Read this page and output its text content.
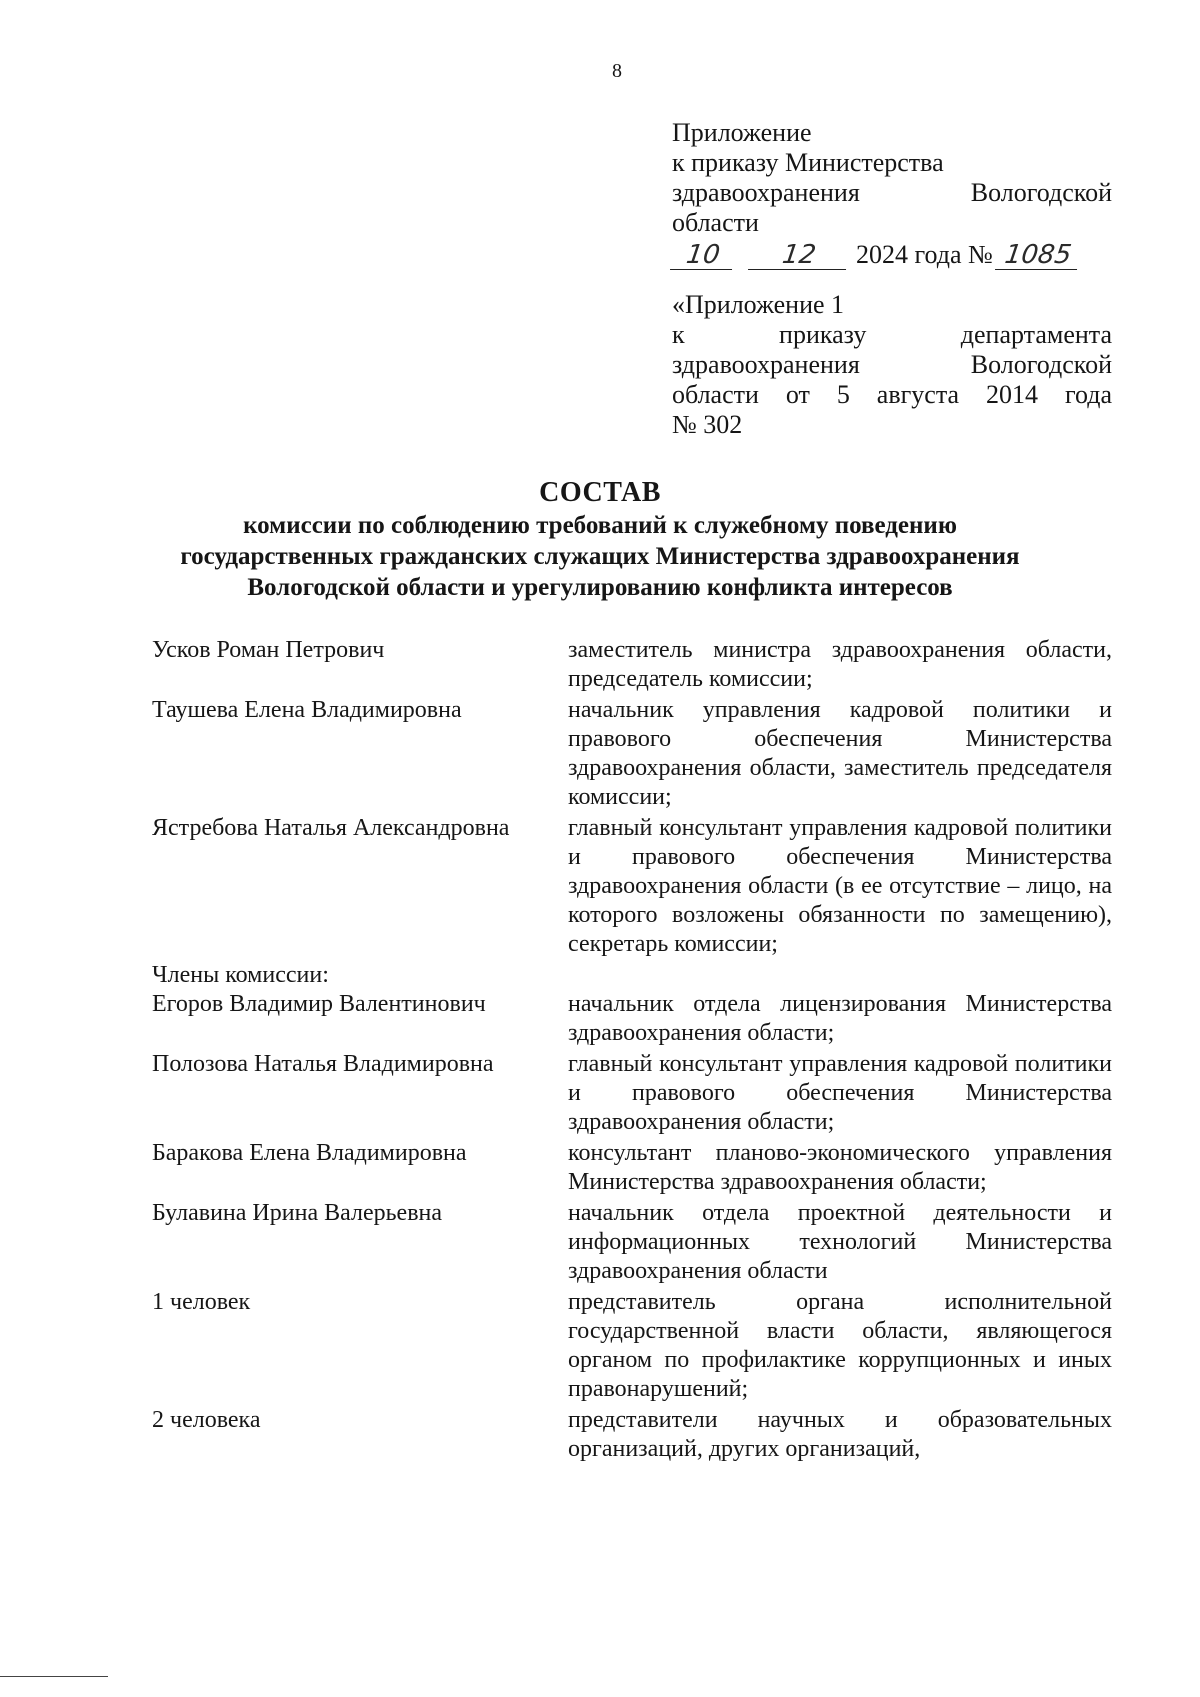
8
Приложение
к приказу Министерства
здравоохранения Вологодской
области
10	12	2024 года № 1085
«Приложение 1
к приказу департамента
здравоохранения Вологодской
области от 5 августа 2014 года
№ 302
СОСТАВ
комиссии по соблюдению требований к служебному поведению
государственных гражданских служащих Министерства здравоохранения
Вологодской области и урегулированию конфликта интересов
Усков Роман Петрович	заместитель министра здравоохранения области, председатель комиссии;
Таушева Елена Владимировна	начальник управления кадровой политики и правового обеспечения Министерства здравоохранения области, заместитель председателя комиссии;
Ястребова Наталья Александровна	главный консультант управления кадровой политики и правового обеспечения Министерства здравоохранения области (в ее отсутствие – лицо, на которого возложены обязанности по замещению), секретарь комиссии;
Члены комиссии:
Егоров Владимир Валентинович	начальник отдела лицензирования Министерства здравоохранения области;
Полозова Наталья Владимировна	главный консультант управления кадровой политики и правового обеспечения Министерства здравоохранения области;
Баракова Елена Владимировна	консультант планово-экономического управления Министерства здравоохранения области;
Булавина Ирина Валерьевна	начальник отдела проектной деятельности и информационных технологий Министерства здравоохранения области
1 человек	представитель органа исполнительной государственной власти области, являющегося органом по профилактике коррупционных и иных правонарушений;
2 человека	представители научных и образовательных организаций, других организаций,
